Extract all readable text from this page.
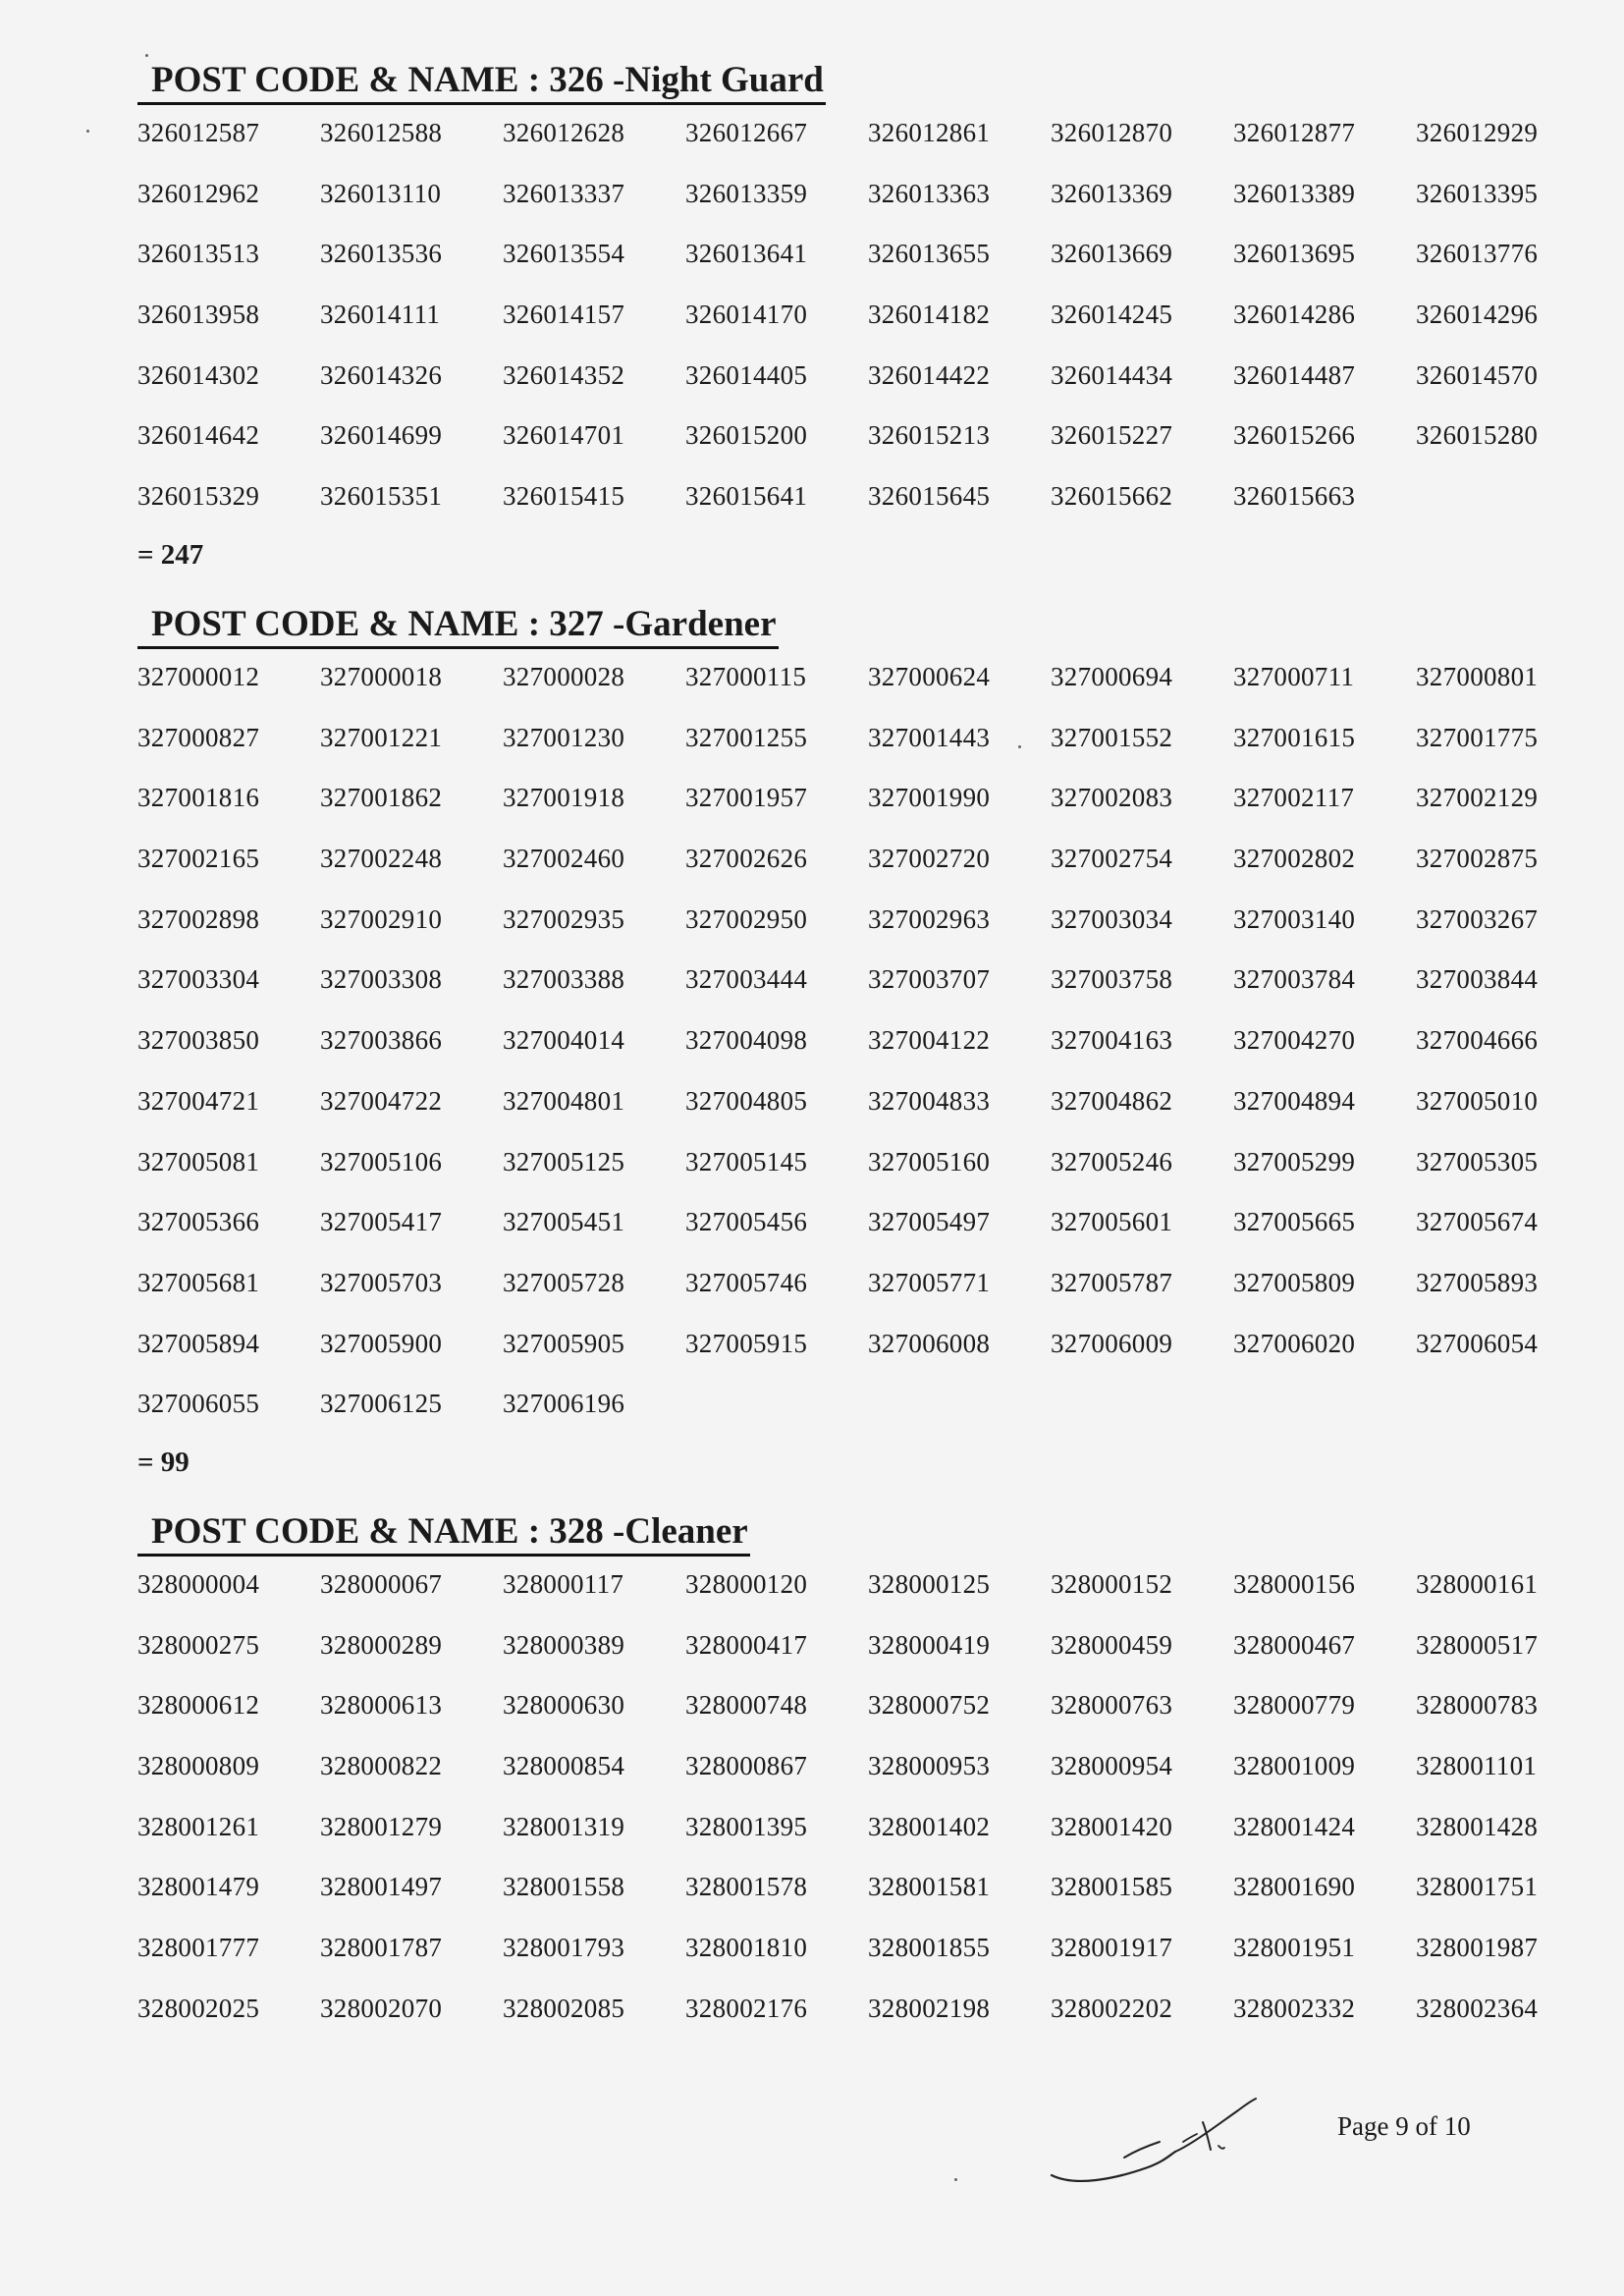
POST CODE & NAME : 326 -Night Guard
326012587	326012588	326012628	326012667	326012861	326012870	326012877	326012929
326012962	326013110	326013337	326013359	326013363	326013369	326013389	326013395
326013513	326013536	326013554	326013641	326013655	326013669	326013695	326013776
326013958	326014111	326014157	326014170	326014182	326014245	326014286	326014296
326014302	326014326	326014352	326014405	326014422	326014434	326014487	326014570
326014642	326014699	326014701	326015200	326015213	326015227	326015266	326015280
326015329	326015351	326015415	326015641	326015645	326015662	326015663
= 247
POST CODE & NAME : 327 -Gardener
327000012	327000018	327000028	327000115	327000624	327000694	327000711	327000801
327000827	327001221	327001230	327001255	327001443	327001552	327001615	327001775
327001816	327001862	327001918	327001957	327001990	327002083	327002117	327002129
327002165	327002248	327002460	327002626	327002720	327002754	327002802	327002875
327002898	327002910	327002935	327002950	327002963	327003034	327003140	327003267
327003304	327003308	327003388	327003444	327003707	327003758	327003784	327003844
327003850	327003866	327004014	327004098	327004122	327004163	327004270	327004666
327004721	327004722	327004801	327004805	327004833	327004862	327004894	327005010
327005081	327005106	327005125	327005145	327005160	327005246	327005299	327005305
327005366	327005417	327005451	327005456	327005497	327005601	327005665	327005674
327005681	327005703	327005728	327005746	327005771	327005787	327005809	327005893
327005894	327005900	327005905	327005915	327006008	327006009	327006020	327006054
327006055	327006125	327006196
= 99
POST CODE & NAME : 328 -Cleaner
328000004	328000067	328000117	328000120	328000125	328000152	328000156	328000161
328000275	328000289	328000389	328000417	328000419	328000459	328000467	328000517
328000612	328000613	328000630	328000748	328000752	328000763	328000779	328000783
328000809	328000822	328000854	328000867	328000953	328000954	328001009	328001101
328001261	328001279	328001319	328001395	328001402	328001420	328001424	328001428
328001479	328001497	328001558	328001578	328001581	328001585	328001690	328001751
328001777	328001787	328001793	328001810	328001855	328001917	328001951	328001987
328002025	328002070	328002085	328002176	328002198	328002202	328002332	328002364
Page 9 of 10
